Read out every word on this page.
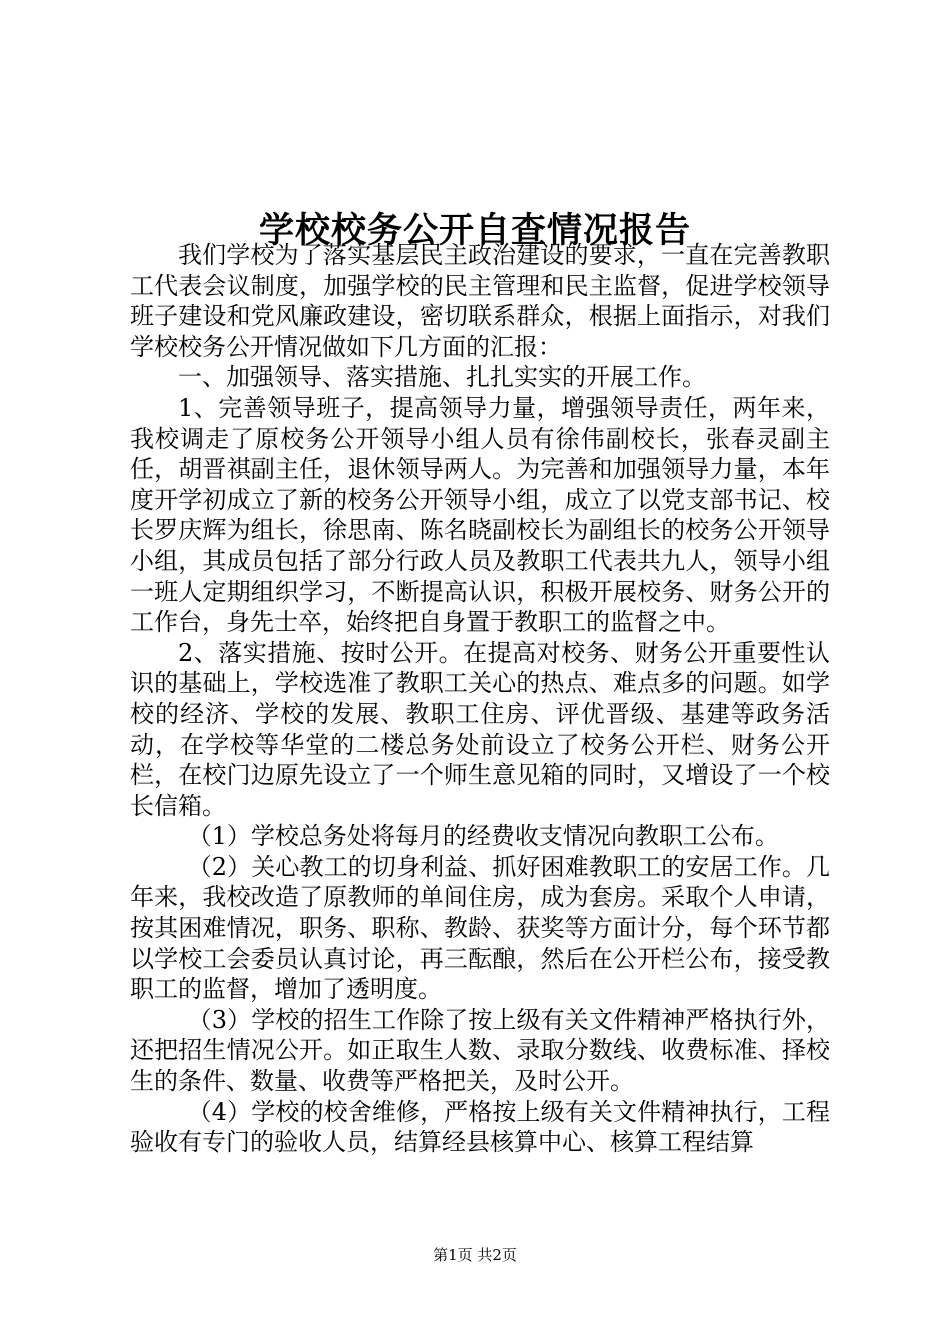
学校校务公开自查情况报告

我们学校为了落实基层民主政治建设的要求，一直在完善教职工代表会议制度，加强学校的民主管理和民主监督，促进学校领导班子建设和党风廉政建设，密切联系群众，根据上面指示，对我们学校校务公开情况做如下几方面的汇报：

一、加强领导、落实措施、扎扎实实的开展工作。

1、完善领导班子，提高领导力量，增强领导责任，两年来，我校调走了原校务公开领导小组人员有徐伟副校长，张春灵副主任，胡晋祺副主任，退休领导两人。为完善和加强领导力量，本年度开学初成立了新的校务公开领导小组，成立了以党支部书记、校长罗庆辉为组长，徐思南、陈名晓副校长为副组长的校务公开领导小组，其成员包括了部分行政人员及教职工代表共九人，领导小组一班人定期组织学习，不断提高认识，积极开展校务、财务公开的工作台，身先士卒，始终把自身置于教职工的监督之中。

2、落实措施、按时公开。在提高对校务、财务公开重要性认识的基础上，学校选准了教职工关心的热点、难点多的问题。如学校的经济、学校的发展、教职工住房、评优晋级、基建等政务活动，在学校等华堂的二楼总务处前设立了校务公开栏、财务公开栏，在校门边原先设立了一个师生意见箱的同时，又增设了一个校长信箱。

（1）学校总务处将每月的经费收支情况向教职工公布。

（2）关心教工的切身利益、抓好困难教职工的安居工作。几年来，我校改造了原教师的单间住房，成为套房。采取个人申请，按其困难情况，职务、职称、教龄、获奖等方面计分，每个环节都以学校工会委员认真讨论，再三酝酿，然后在公开栏公布，接受教职工的监督，增加了透明度。

（3）学校的招生工作除了按上级有关文件精神严格执行外，还把招生情况公开。如正取生人数、录取分数线、收费标准、择校生的条件、数量、收费等严格把关，及时公开。

（4）学校的校舍维修，严格按上级有关文件精神执行，工程验收有专门的验收人员，结算经县核算中心、核算工程结算

第1页 共2页
